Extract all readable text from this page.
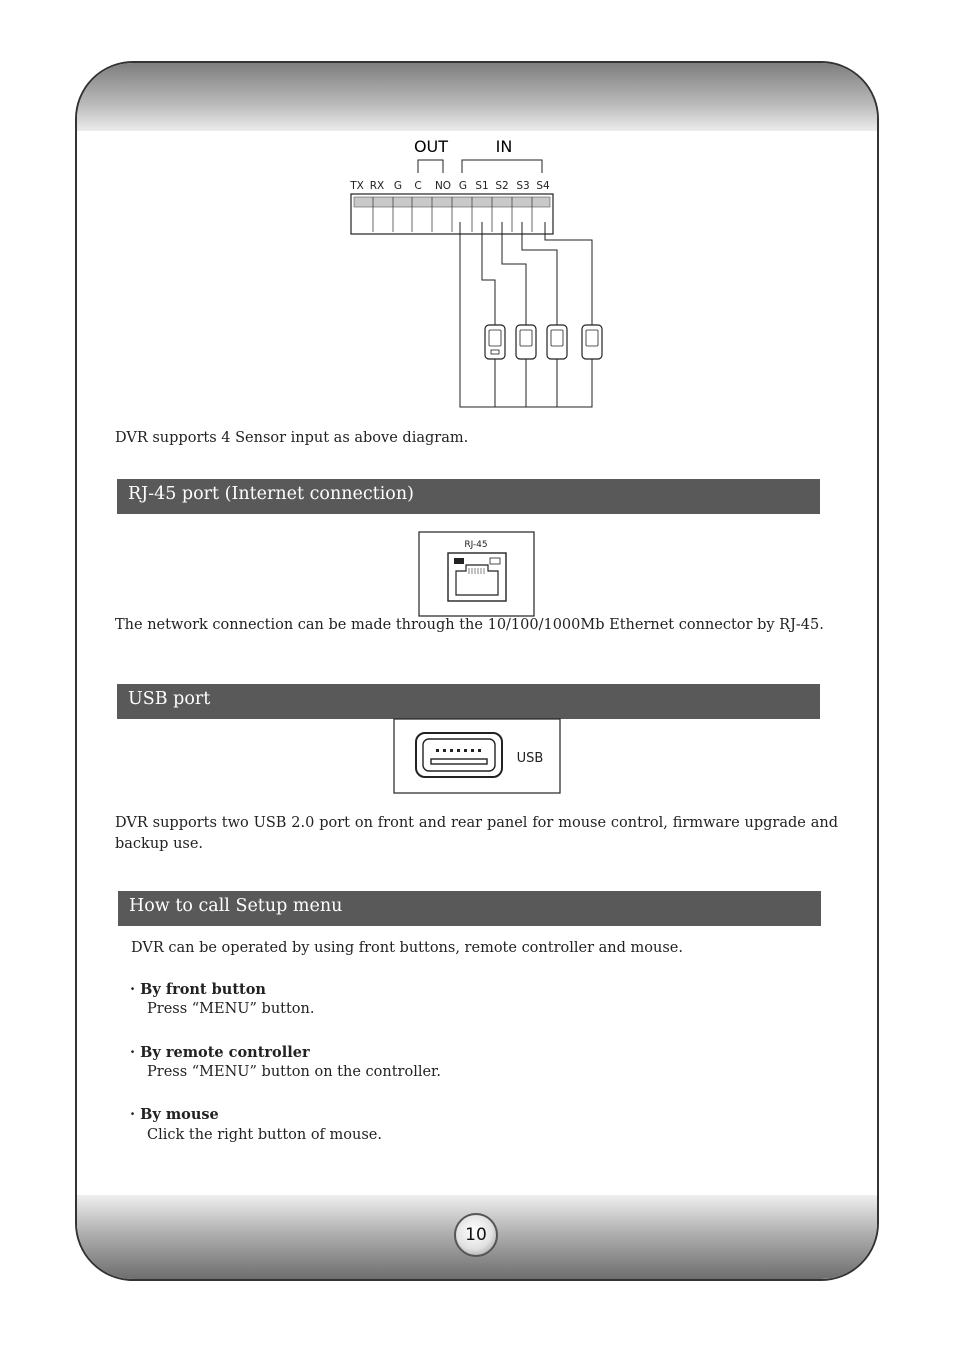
OUT	IN
TX RX G C NO G S1 S2 S3 S4
DVR supports 4 Sensor input as above diagram.
RJ-45 port (Internet connection)
RJ-45
The network connection can be made through the 10/100/1000Mb Ethernet connector by RJ-45.
USB port
USB
DVR supports two USB 2.0 port on front and rear panel for mouse control, firmware upgrade and backup use.
How to call Setup menu
DVR can be operated by using front buttons, remote controller and mouse.
· By front button
Press “MENU” button.
· By remote controller
Press “MENU” button on the controller.
· By mouse
Click the right button of mouse.
10
